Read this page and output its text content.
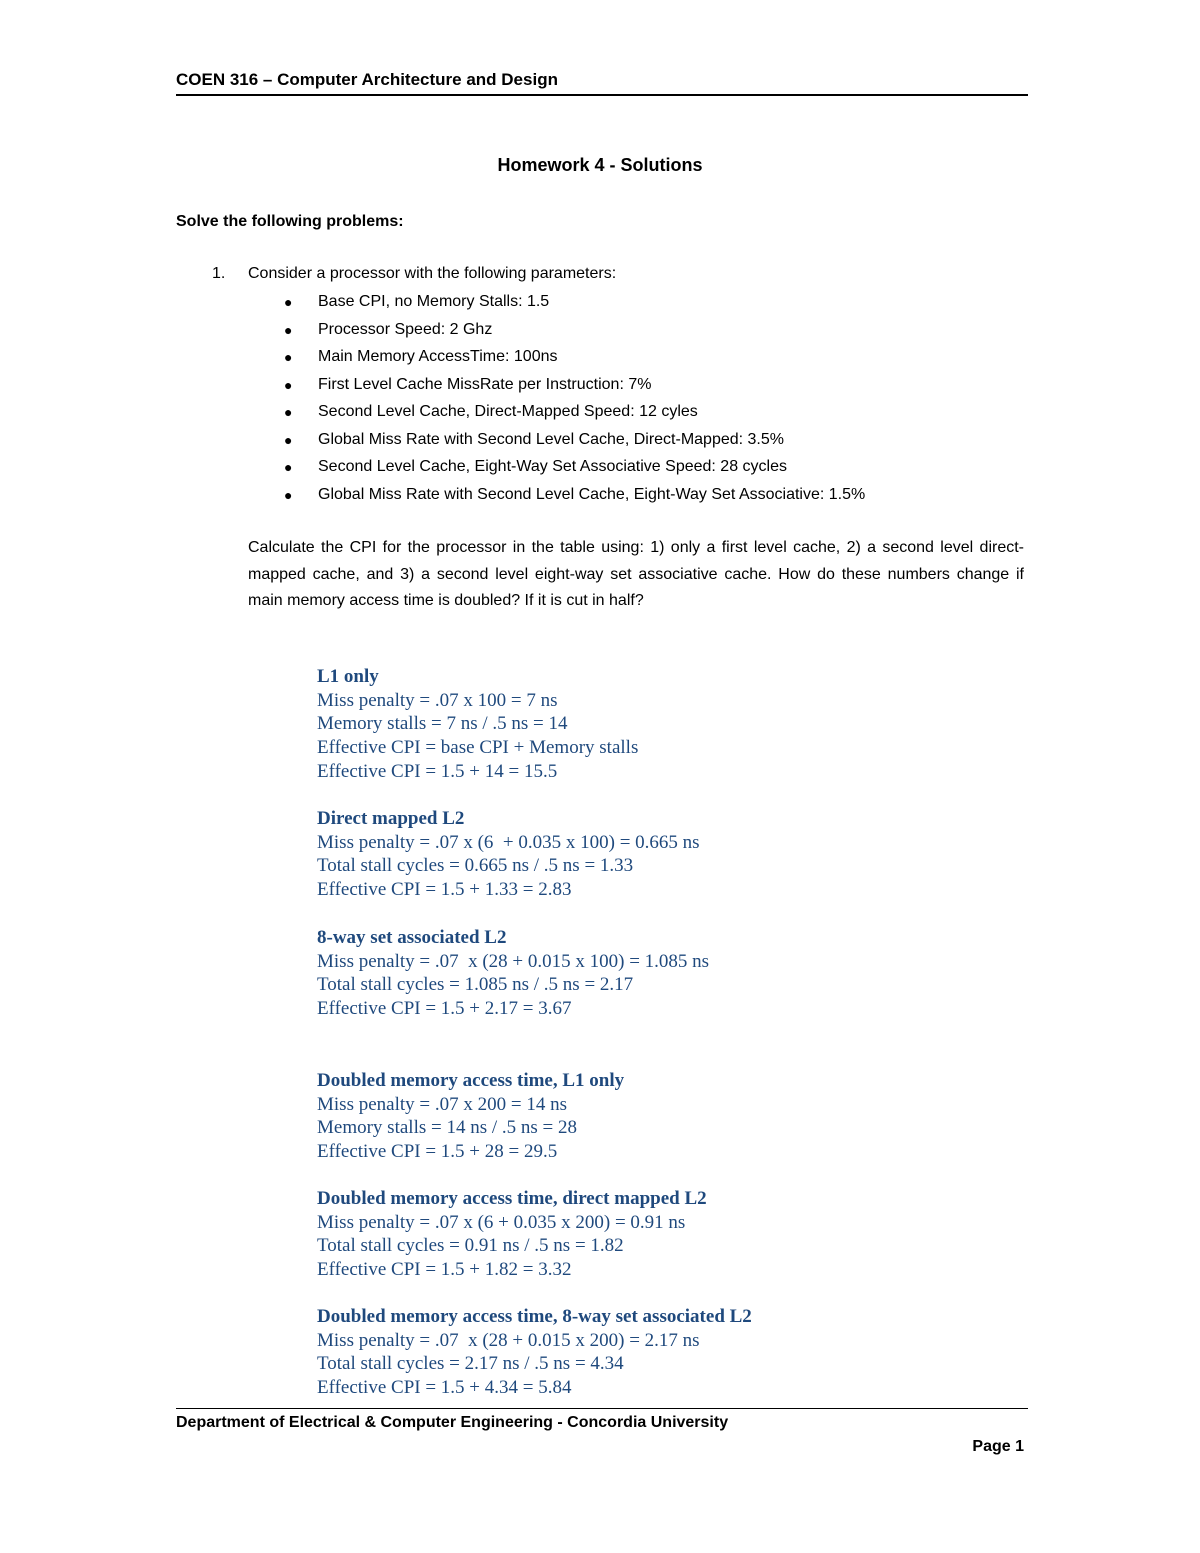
COEN 316 – Computer Architecture and Design
Homework 4 - Solutions
Solve the following problems:
1. Consider a processor with the following parameters:
● Base CPI, no Memory Stalls: 1.5
● Processor Speed: 2 Ghz
● Main Memory AccessTime: 100ns
● First Level Cache MissRate per Instruction: 7%
● Second Level Cache, Direct-Mapped Speed: 12 cyles
● Global Miss Rate with Second Level Cache, Direct-Mapped: 3.5%
● Second Level Cache, Eight-Way Set Associative Speed: 28 cycles
● Global Miss Rate with Second Level Cache, Eight-Way Set Associative: 1.5%
Calculate the CPI for the processor in the table using: 1) only a first level cache, 2) a second level direct-mapped cache, and 3) a second level eight-way set associative cache. How do these numbers change if main memory access time is doubled? If it is cut in half?
L1 only
Miss penalty = .07 x 100 = 7 ns
Memory stalls = 7 ns / .5 ns = 14
Effective CPI = base CPI + Memory stalls
Effective CPI = 1.5 + 14 = 15.5
Direct mapped L2
Miss penalty = .07 x (6  + 0.035 x 100) = 0.665 ns
Total stall cycles = 0.665 ns / .5 ns = 1.33
Effective CPI = 1.5 + 1.33 = 2.83
8-way set associated L2
Miss penalty = .07  x (28 + 0.015 x 100) = 1.085 ns
Total stall cycles = 1.085 ns / .5 ns = 2.17
Effective CPI = 1.5 + 2.17 = 3.67
Doubled memory access time, L1 only
Miss penalty = .07 x 200 = 14 ns
Memory stalls = 14 ns / .5 ns = 28
Effective CPI = 1.5 + 28 = 29.5
Doubled memory access time, direct mapped L2
Miss penalty = .07 x (6 + 0.035 x 200) = 0.91 ns
Total stall cycles = 0.91 ns / .5 ns = 1.82
Effective CPI = 1.5 + 1.82 = 3.32
Doubled memory access time, 8-way set associated L2
Miss penalty = .07  x (28 + 0.015 x 200) = 2.17 ns
Total stall cycles = 2.17 ns / .5 ns = 4.34
Effective CPI = 1.5 + 4.34 = 5.84
Department of Electrical & Computer Engineering - Concordia University
Page 1
